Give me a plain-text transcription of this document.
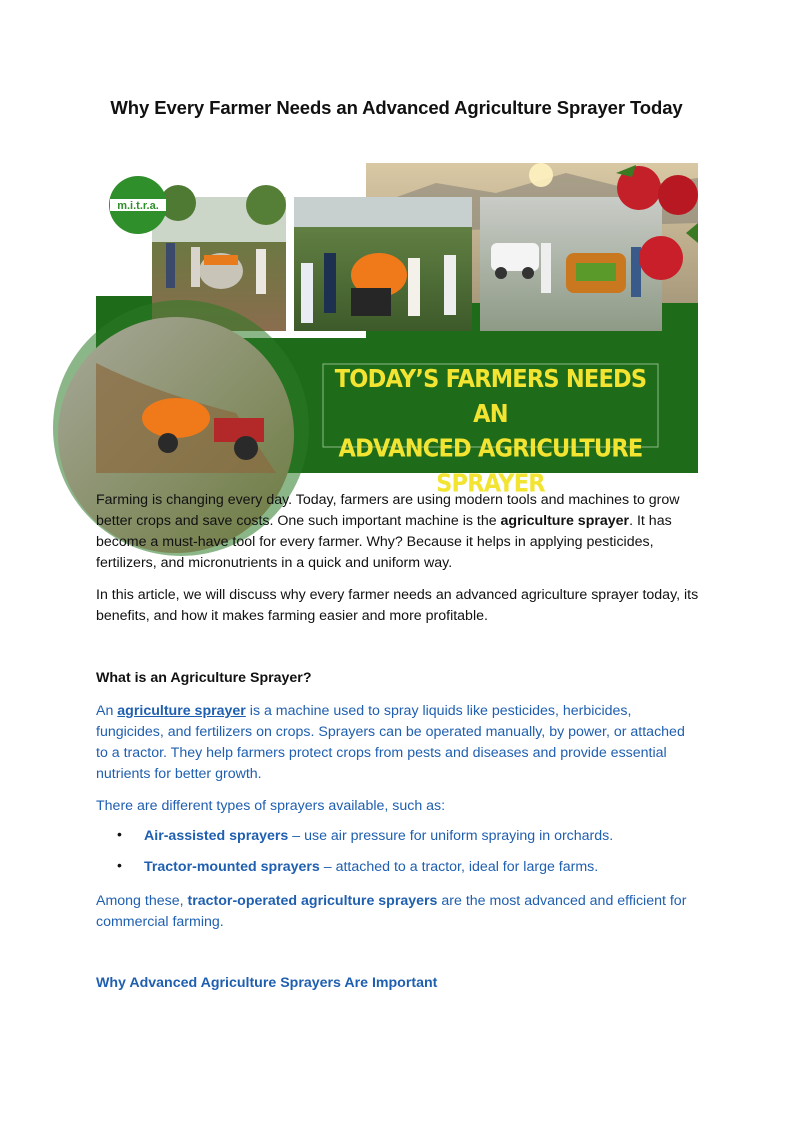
Why Every Farmer Needs an Advanced Agriculture Sprayer Today
m.i.t.r.a.
TODAY’S FARMERS NEEDS AN
ADVANCED AGRICULTURE SPRAYER

Farming is changing every day. Today, farmers are using modern tools and machines to grow better crops and save costs. One such important machine is the agriculture sprayer. It has become a must-have tool for every farmer. Why? Because it helps in applying pesticides, fertilizers, and micronutrients in a quick and uniform way.

In this article, we will discuss why every farmer needs an advanced agriculture sprayer today, its benefits, and how it makes farming easier and more profitable.

What is an Agriculture Sprayer?

An agriculture sprayer is a machine used to spray liquids like pesticides, herbicides, fungicides, and fertilizers on crops. Sprayers can be operated manually, by power, or attached to a tractor. They help farmers protect crops from pests and diseases and provide essential nutrients for better growth.

There are different types of sprayers available, such as:

• Air-assisted sprayers – use air pressure for uniform spraying in orchards.
• Tractor-mounted sprayers – attached to a tractor, ideal for large farms.

Among these, tractor-operated agriculture sprayers are the most advanced and efficient for commercial farming.

Why Advanced Agriculture Sprayers Are Important
